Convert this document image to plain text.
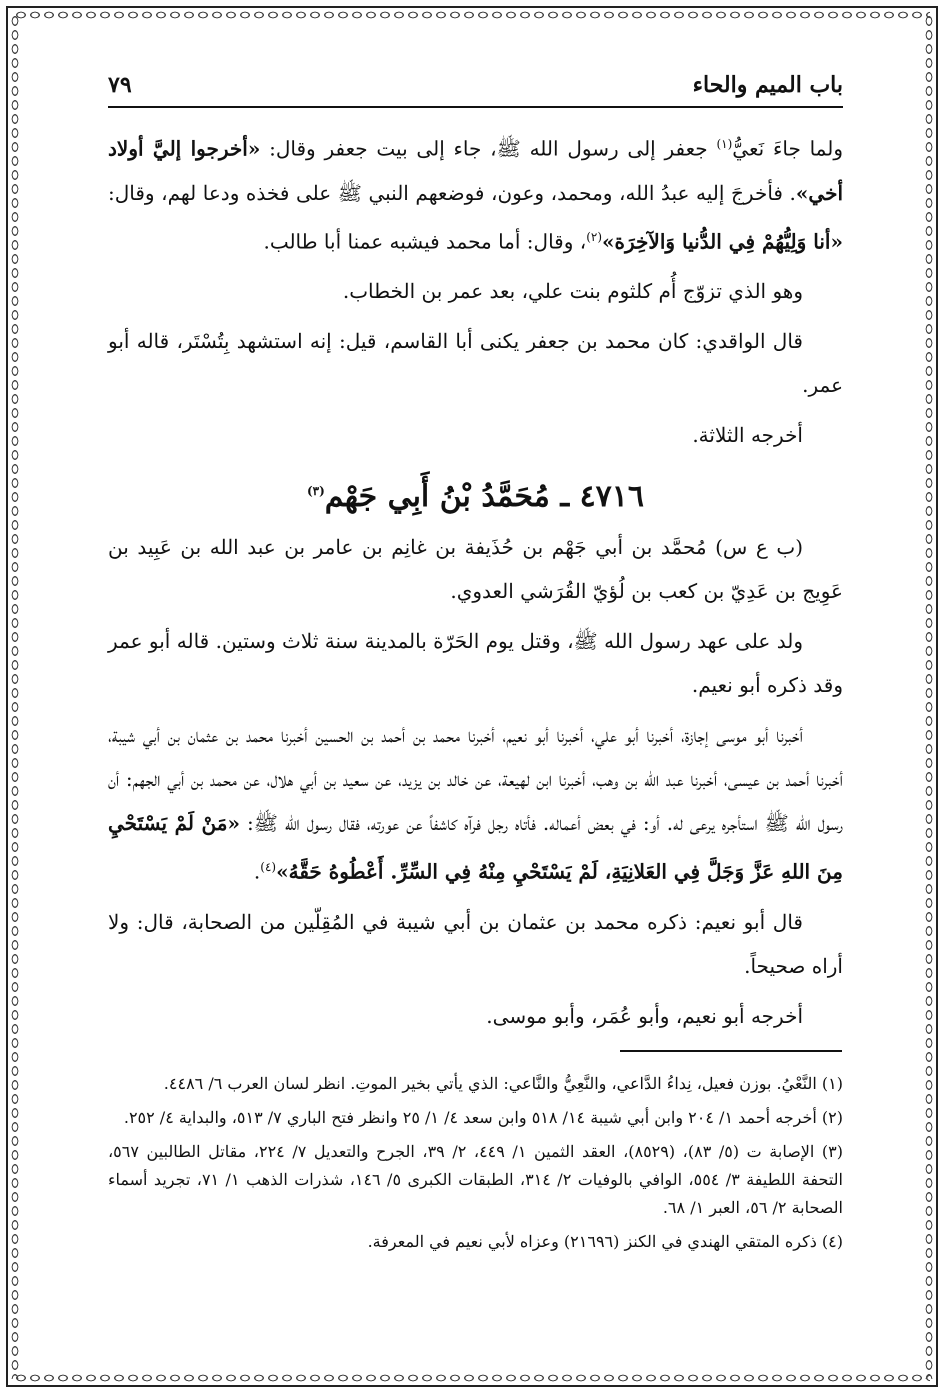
باب الميم والحاء
٧٩

ولما جاءَ نَعيُّ$^{(١)}$ جعفر إلى رسول الله ﷺ، جاء إلى بيت جعفر وقال: «أخرجوا إليَّ أولاد أخي». فأخرجَ إليه عبدُ الله، ومحمد، وعون، فوضعهم النبي ﷺ على فخذه ودعا لهم، وقال: «أنا وَلِيُّهُمْ فِي الدُّنيا وَالآخِرَة»$^{(٢)}$، وقال: أما محمد فيشبه عمنا أبا طالب.

وهو الذي تزوّج أُم كلثوم بنت علي، بعد عمر بن الخطاب.

قال الواقدي: كان محمد بن جعفر يكنى أبا القاسم، قيل: إنه استشهد بِتُسْتَر، قاله أبو عمر.

أخرجه الثلاثة.

٤٧١٦ ـ مُحَمَّدُ بْنُ أَبِي جَهْم$^{(٣)}$

(ب ع س) مُحمَّد بن أبي جَهْم بن حُذَيفة بن غانِم بن عامر بن عبد الله بن عَبِيد بن عَوِيج بن عَدِيّ بن كعب بن لُؤيّ القُرَشي العدوي.

ولد على عهد رسول الله ﷺ، وقتل يوم الحَرّة بالمدينة سنة ثلاث وستين. قاله أبو عمر وقد ذكره أبو نعيم.

أخبرنا أبو موسى إجازة، أخبرنا أبو علي، أخبرنا أبو نعيم، أخبرنا محمد بن أحمد بن الحسين أخبرنا محمد بن عثمان بن أبي شيبة، أخبرنا أحمد بن عيسى، أخبرنا عبد الله بن وهب، أخبرنا ابن لهيعة، عن خالد بن يزيد، عن سعيد بن أبي هلال، عن محمد بن أبي الجهم: أن رسول الله ﷺ استأجره يرعى له. أو: في بعض أعماله. فأتاه رجل فرآه كاشفاً عن عورته، فقال رسول الله ﷺ: «مَنْ لَمْ يَسْتَحْيِ مِنَ اللهِ عَزَّ وَجَلَّ فِي العَلانِيَةِ، لَمْ يَسْتَحْيِ مِنْهُ فِي السِّرِّ. أَعْطُوهُ حَقَّهُ»$^{(٤)}$.

قال أبو نعيم: ذكره محمد بن عثمان بن أبي شيبة في المُقِلّين من الصحابة، قال: ولا أراه صحيحاً.

أخرجه أبو نعيم، وأبو عُمَر، وأبو موسى.

(١) النَّعْيُ. بوزن فعيل، نِداءُ الدَّاعي، والنَّعِيُّ والنَّاعي: الذي يأتي بخير الموتِ. انظر لسان العرب ٦/ ٤٤٨٦.

(٢) أخرجه أحمد ١/ ٢٠٤ وابن أبي شيبة ١٤/ ٥١٨ وابن سعد ٤/ ١/ ٢٥ وانظر فتح الباري ٧/ ٥١٣، والبداية ٤/ ٢٥٢.

(٣) الإصابة ت (٥/ ٨٣)، (٨٥٢٩)، العقد الثمين ١/ ٤٤٩، ٢/ ٣٩، الجرح والتعديل ٧/ ٢٢٤، مقاتل الطالبين ٥٦٧، التحفة اللطيفة ٣/ ٥٥٤، الوافي بالوفيات ٢/ ٣١٤، الطبقات الكبرى ٥/ ١٤٦، شذرات الذهب ١/ ٧١، تجريد أسماء الصحابة ٢/ ٥٦، العبر ١/ ٦٨.

(٤) ذكره المتقي الهندي في الكنز (٢١٦٩٦) وعزاه لأبي نعيم في المعرفة.
